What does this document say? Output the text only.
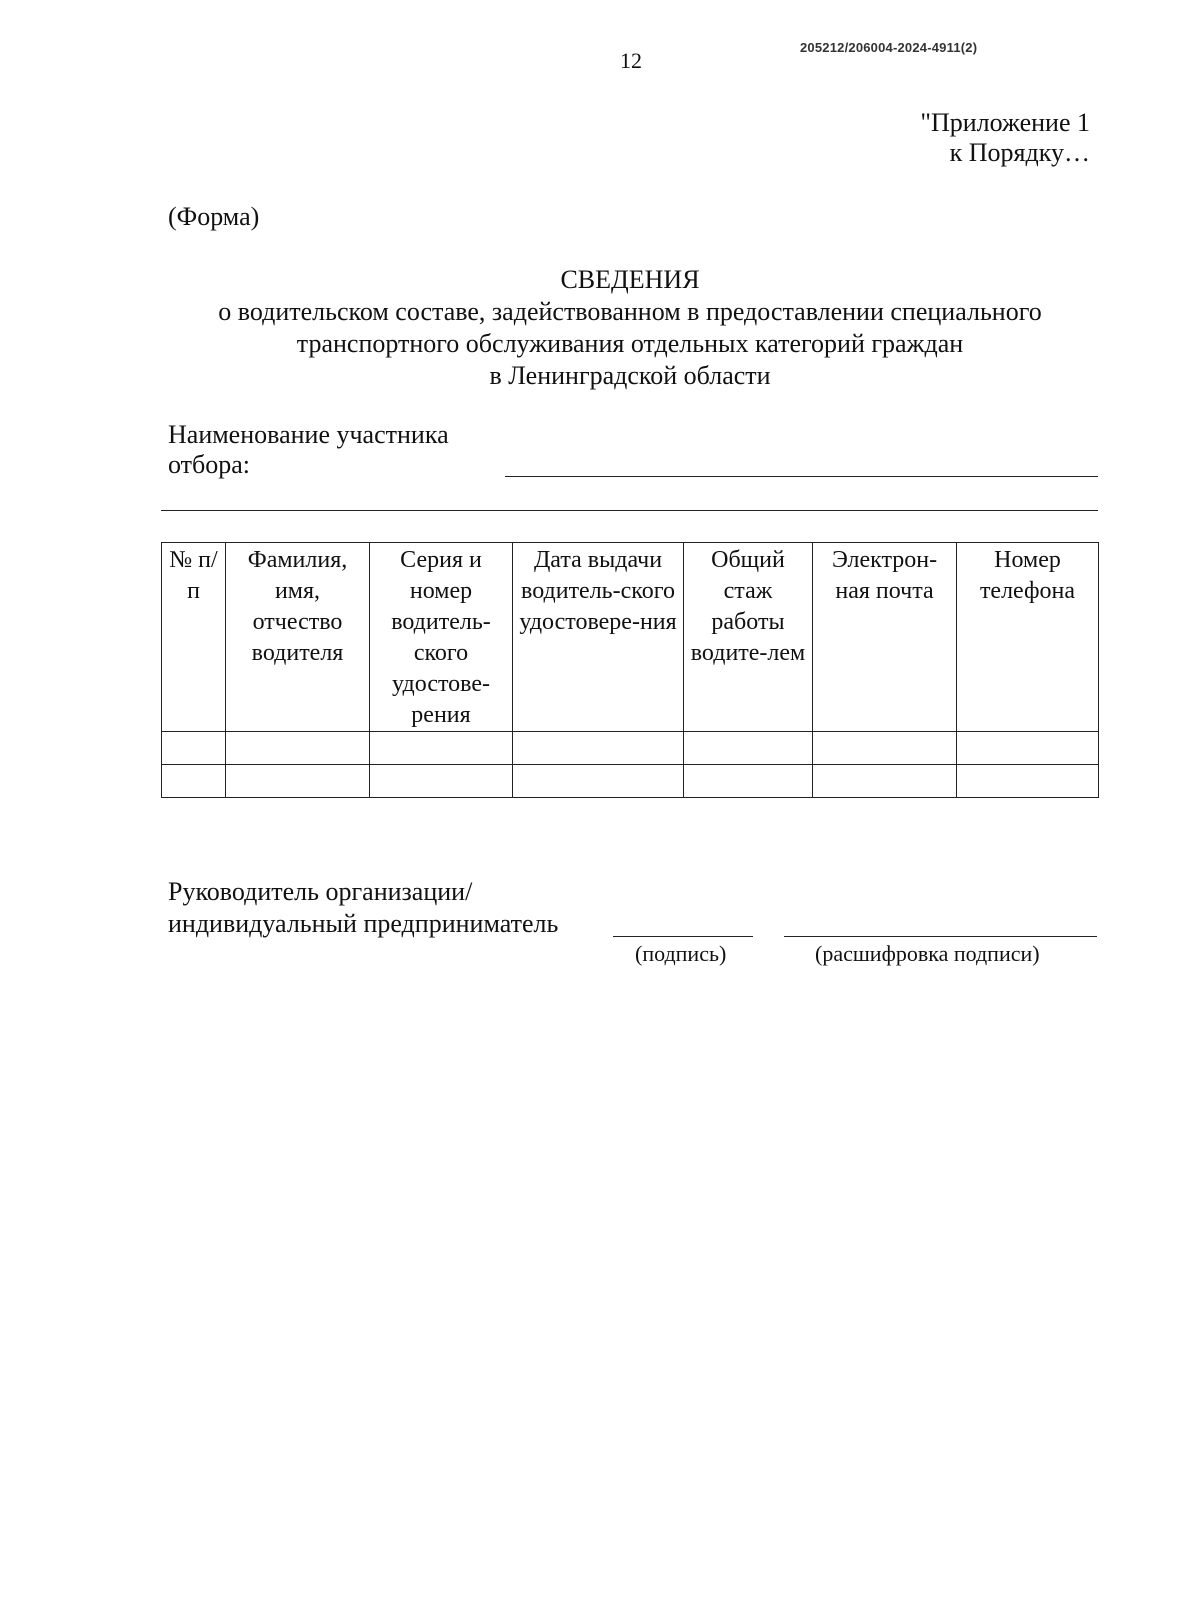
205212/206004-2024-4911(2)
12
"Приложение 1
к Порядку…
(Форма)
СВЕДЕНИЯ
о водительском составе, задействованном в предоставлении специального
транспортного обслуживания отдельных категорий граждан
в Ленинградской области
Наименование участника
отбора:
№ п/п	Фамилия, имя, отчество водителя	Серия и номер водитель-ского удостове-рения	Дата выдачи водитель-ского удостовере-ния	Общий стаж работы водите-лем	Электрон-ная почта	Номер телефона

Руководитель организации/
индивидуальный предприниматель
(подпись)	(расшифровка подписи)
